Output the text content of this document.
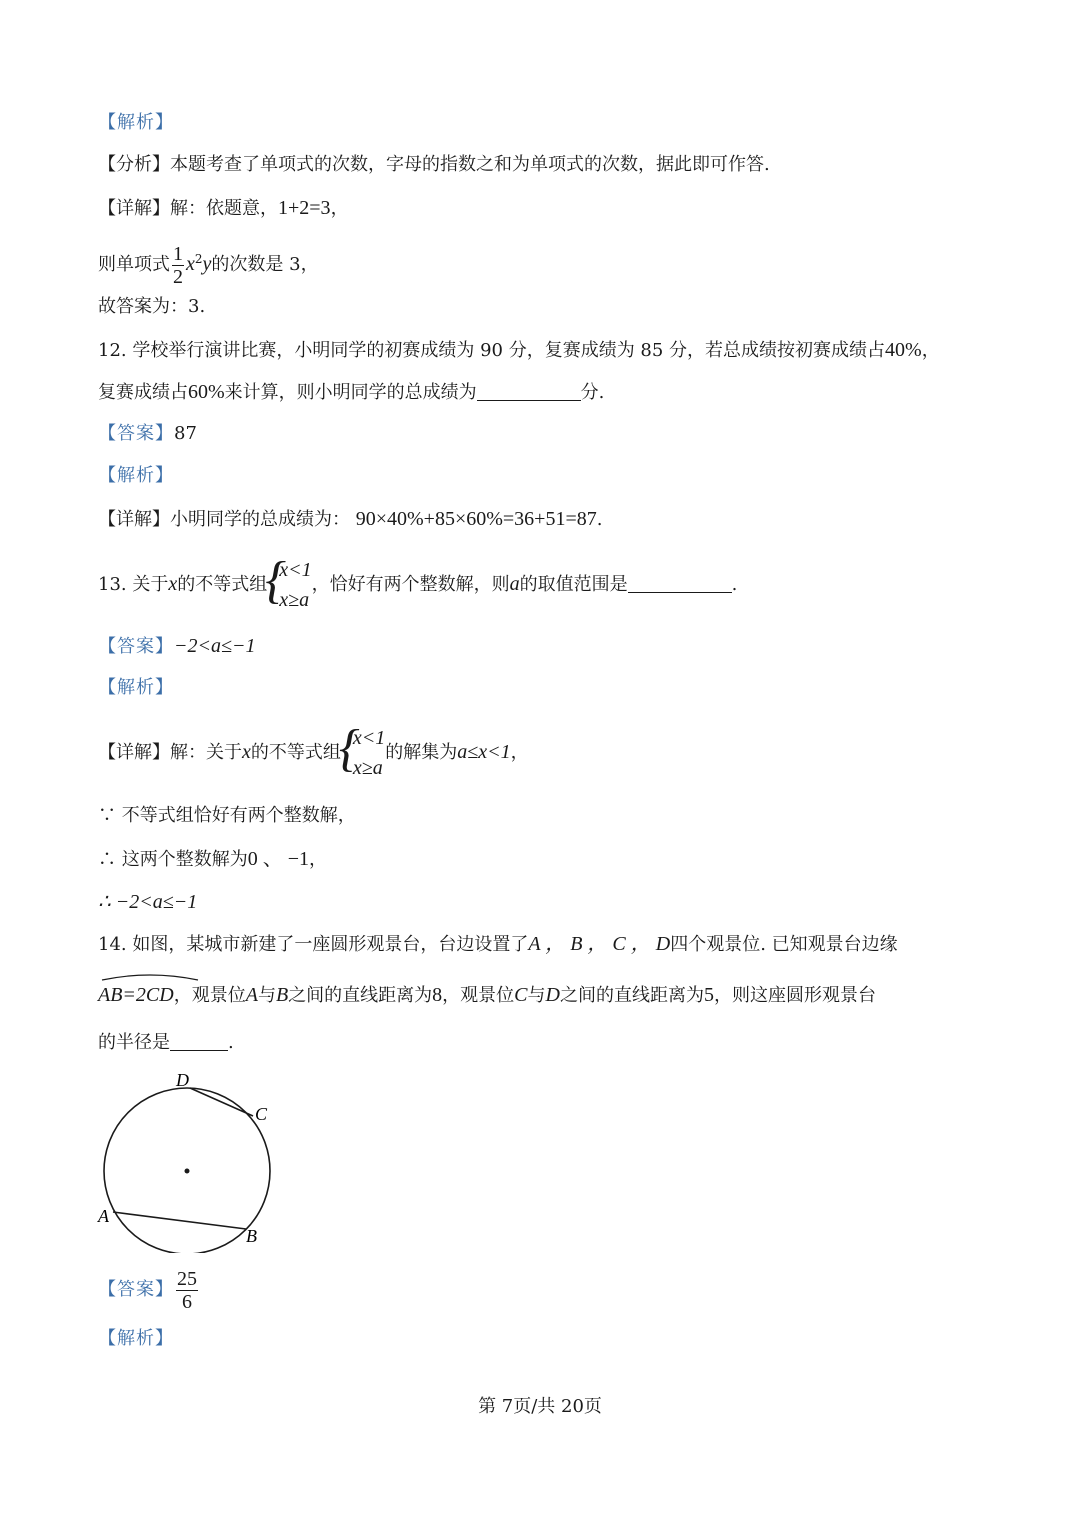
【解析】
【分析】本题考查了单项式的次数，字母的指数之和为单项式的次数，据此即可作答.
【详解】解：依题意，1+2=3，
则单项式 $\frac{1}{2} x^2y$的次数是 3，
故答案为：3.
12. 学校举行演讲比赛，小明同学的初赛成绩为 90 分，复赛成绩为 85 分，若总成绩按初赛成绩占40%，
复赛成绩占60%来计算，则小明同学的总成绩为	分.
【答案】87
【解析】
【详解】小明同学的总成绩为： 90×40%+85×60%=36+51=87.
13. 关于x的不等式组
{
x<1
x≥a
，恰好有两个整数解，则a的取值范围是	.
【答案】−2<a≤−1
【解析】
【详解】解：关于x的不等式组
{
x<1
x≥a
的解集为a≤x<1，
∵ 不等式组恰好有两个整数解，
∴ 这两个整数解为0 、 −1，
∴ −2<a≤−1
14. 如图，某城市新建了一座圆形观景台，台边设置了A ， B ， C ， D四个观景位. 已知观景台边缘
AB=2CD，观景位A与B之间的直线距离为8，观景位C与D之间的直线距离为5，则这座圆形观景台
的半径是	.
D
C
A
B
【答案】 $\frac{25}{6}$
【解析】
第 7页/共 20页
